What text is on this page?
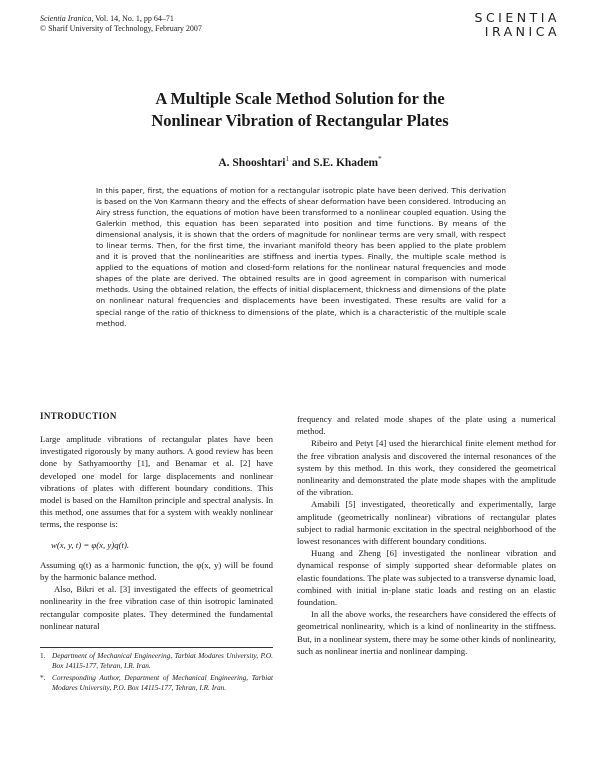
Scientia Iranica, Vol. 14, No. 1, pp 64–71
© Sharif University of Technology, February 2007
SCIENTIA
IRANICA
A Multiple Scale Method Solution for the
Nonlinear Vibration of Rectangular Plates
A. Shooshtari$^1$ and S.E. Khadem*

In this paper, first, the equations of motion for a rectangular isotropic plate have been derived. This derivation is based on the Von Karmann theory and the effects of shear deformation have been considered. Introducing an Airy stress function, the equations of motion have been transformed to a nonlinear coupled equation. Using the Galerkin method, this equation has been separated into position and time functions. By means of the dimensional analysis, it is shown that the orders of magnitude for nonlinear terms are very small, with respect to linear terms. Then, for the first time, the invariant manifold theory has been applied to the plate problem and it is proved that the nonlinearities are stiffness and inertia types. Finally, the multiple scale method is applied to the equations of motion and closed-form relations for the nonlinear natural frequencies and mode shapes of the plate are derived. The obtained results are in good agreement in comparison with numerical methods. Using the obtained relation, the effects of initial displacement, thickness and dimensions of the plate on nonlinear natural frequencies and displacements have been investigated. These results are valid for a special range of the ratio of thickness to dimensions of the plate, which is a characteristic of the multiple scale method.

INTRODUCTION

Large amplitude vibrations of rectangular plates have been investigated rigorously by many authors. A good review has been done by Sathyamoorthy [1], and Benamar et al. [2] have developed one model for large displacements and nonlinear vibrations of plates with different boundary conditions. This model is based on the Hamilton principle and spectral analysis. In this method, one assumes that for a system with weakly nonlinear terms, the response is:

w(x, y, t) = φ(x, y)q(t).

Assuming q(t) as a harmonic function, the φ(x, y) will be found by the harmonic balance method.

Also, Bikri et al. [3] investigated the effects of geometrical nonlinearity in the free vibration case of thin isotropic laminated rectangular composite plates. They determined the fundamental nonlinear natural

1. Department of Mechanical Engineering, Tarbiat Modares University, P.O. Box 14115-177, Tehran, I.R. Iran.
*. Corresponding Author, Department of Mechanical Engineering, Tarbiat Modares University, P.O. Box 14115-177, Tehran, I.R. Iran.

frequency and related mode shapes of the plate using a numerical method.

Ribeiro and Petyt [4] used the hierarchical finite element method for the free vibration analysis and discovered the internal resonances of the system by this method. In this work, they considered the geometrical nonlinearity and demonstrated the plate mode shapes with the amplitude of the vibration.

Amabili [5] investigated, theoretically and experimentally, large amplitude (geometrically nonlinear) vibrations of rectangular plates subject to radial harmonic excitation in the spectral neighborhood of the lowest resonances with different boundary conditions.

Huang and Zheng [6] investigated the nonlinear vibration and dynamical response of simply supported shear deformable plates on elastic foundations. The plate was subjected to a transverse dynamic load, combined with initial in-plane static loads and resting on an elastic foundation.

In all the above works, the researchers have considered the effects of geometrical nonlinearity, which is a kind of nonlinearity in the stiffness. But, in a nonlinear system, there may be some other kinds of nonlinearity, such as nonlinear inertia and nonlinear damping.
